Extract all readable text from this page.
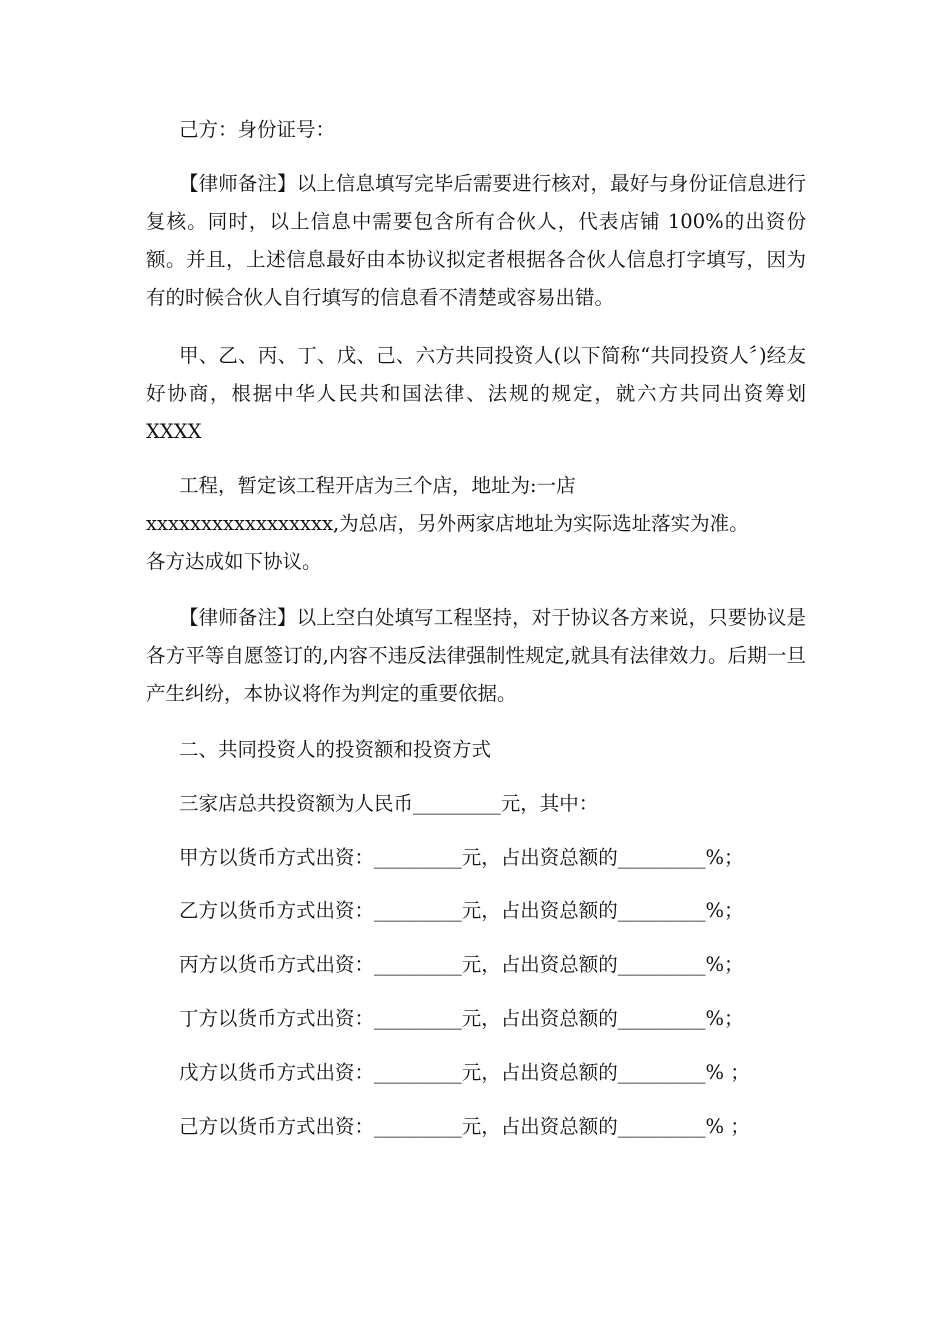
己方：身份证号：

【律师备注】以上信息填写完毕后需要进行核对，最好与身份证信息进行复核。同时，以上信息中需要包含所有合伙人，代表店铺 100%的出资份额。并且，上述信息最好由本协议拟定者根据各合伙人信息打字填写，因为有的时候合伙人自行填写的信息看不清楚或容易出错。

甲、乙、丙、丁、戊、己、六方共同投资人(以下简称“共同投资人〞)经友好协商，根据中华人民共和国法律、法规的规定，就六方共同出资筹划 XXXX

工程，暂定该工程开店为三个店，地址为:一店
xxxxxxxxxxxxxxxxx,为总店，另外两家店地址为实际选址落实为准。
各方达成如下协议。

【律师备注】以上空白处填写工程坚持，对于协议各方来说，只要协议是各方平等自愿签订的,内容不违反法律强制性规定,就具有法律效力。后期一旦产生纠纷，本协议将作为判定的重要依据。

二、共同投资人的投资额和投资方式
三家店总共投资额为人民币_________元，其中：
甲方以货币方式出资：_________元，占出资总额的_________%；
乙方以货币方式出资：_________元，占出资总额的_________%；
丙方以货币方式出资：_________元，占出资总额的_________%；
丁方以货币方式出资：_________元，占出资总额的_________%；
戊方以货币方式出资：_________元，占出资总额的_________% ；
己方以货币方式出资：_________元，占出资总额的_________% ；
